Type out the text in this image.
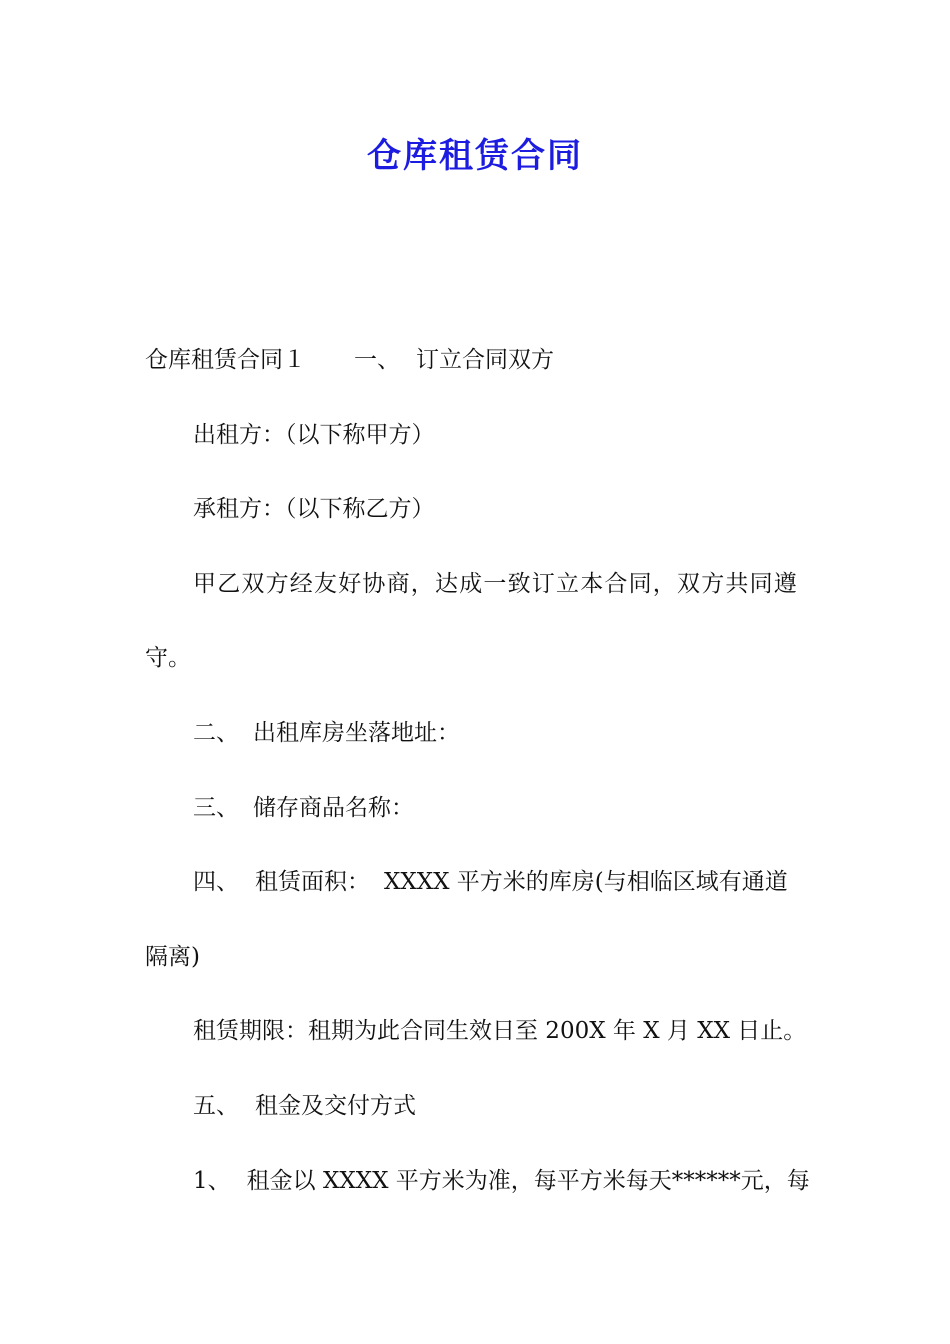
仓库租赁合同

仓库租赁合同１ 一、 订立合同双方

出租方：（以下称甲方）

承租方：（以下称乙方）

甲乙双方经友好协商，达成一致订立本合同，双方共同遵

守。

二、 出租库房坐落地址：

三、 储存商品名称：

四、 租赁面积： XXXX 平方米的库房(与相临区域有通道

隔离)

租赁期限：租期为此合同生效日至 200X 年 X 月 XX 日止。

五、 租金及交付方式

1、 租金以 XXXX 平方米为准，每平方米每天******元，每
